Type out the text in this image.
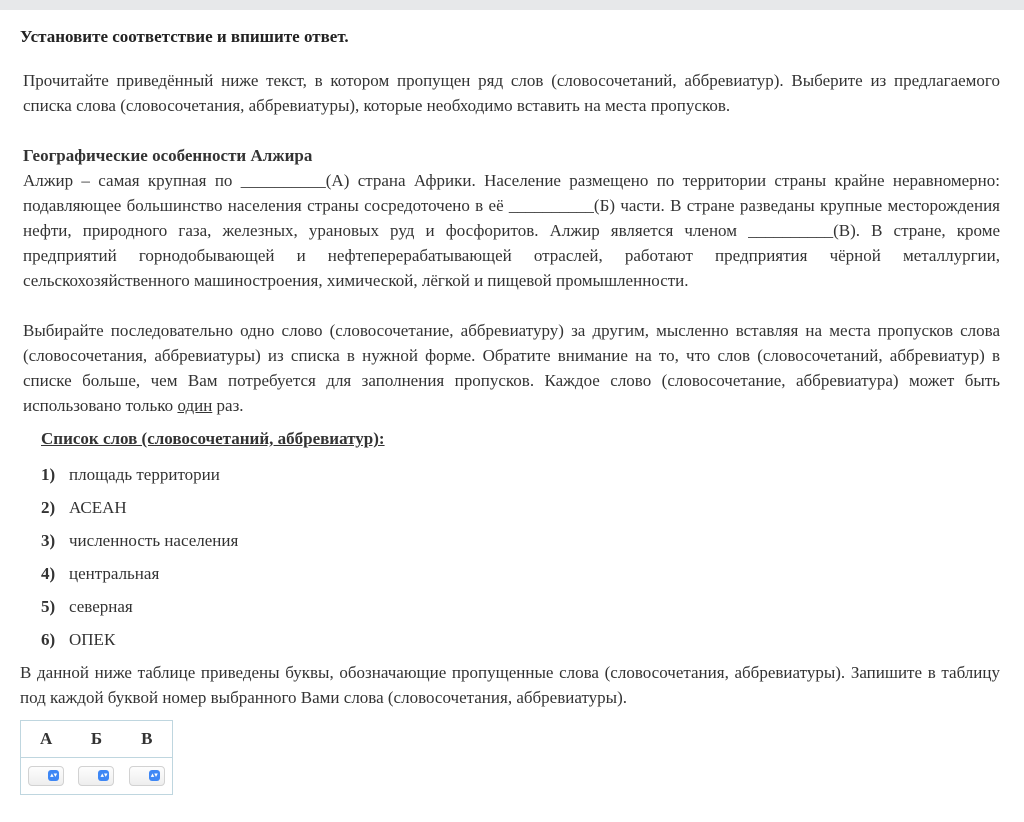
Установите соответствие и впишите ответ.
Прочитайте приведённый ниже текст, в котором пропущен ряд слов (словосочетаний, аббревиатур). Выберите из предлагаемого списка слова (словосочетания, аббревиатуры), которые необходимо вставить на места пропусков.
Географические особенности Алжира
Алжир – самая крупная по __________(А) страна Африки. Население размещено по территории страны крайне неравномерно: подавляющее большинство населения страны сосредоточено в её __________(Б) части. В стране разведаны крупные месторождения нефти, природного газа, железных, урановых руд и фосфоритов. Алжир является членом __________(В). В стране, кроме предприятий горнодобывающей и нефтеперерабатывающей отраслей, работают предприятия чёрной металлургии, сельскохозяйственного машиностроения, химической, лёгкой и пищевой промышленности.
Выбирайте последовательно одно слово (словосочетание, аббревиатуру) за другим, мысленно вставляя на места пропусков слова (словосочетания, аббревиатуры) из списка в нужной форме. Обратите внимание на то, что слов (словосочетаний, аббревиатур) в списке больше, чем Вам потребуется для заполнения пропусков. Каждое слово (словосочетание, аббревиатура) может быть использовано только один раз.
Список слов (словосочетаний, аббревиатур):
1) площадь территории
2) АСЕАН
3) численность населения
4) центральная
5) северная
6) ОПЕК
В данной ниже таблице приведены буквы, обозначающие пропущенные слова (словосочетания, аббревиатуры). Запишите в таблицу под каждой буквой номер выбранного Вами слова (словосочетания, аббревиатуры).
А	Б	В

▴▾	▴▾	▴▾
